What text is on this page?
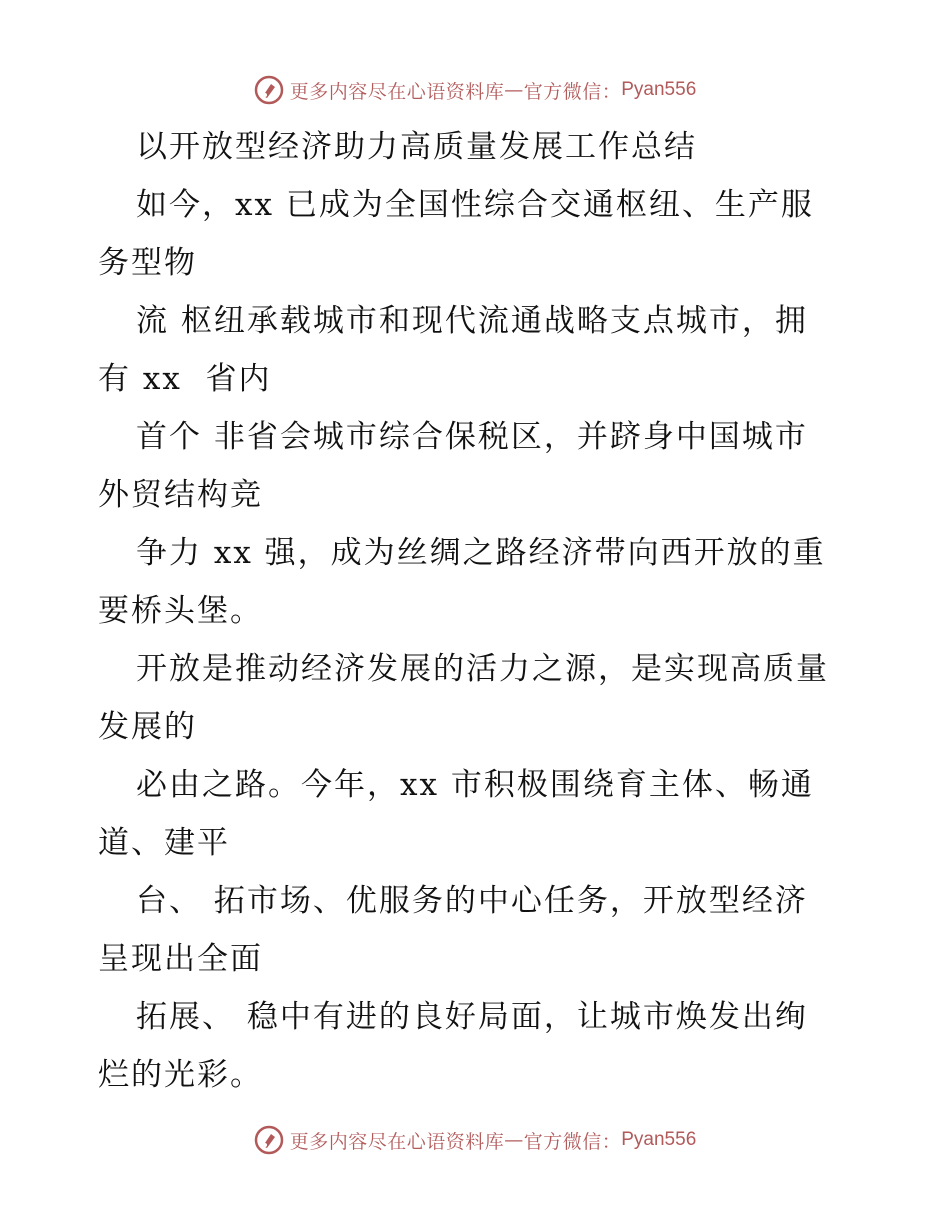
更多内容尽在心语资料库 — 官方微信： Pyan556
以开放型经济助力高质量发展工作总结
如今，xx 已成为全国性综合交通枢纽、生产服
务型物
流 枢纽承载城市和现代流通战略支点城市，拥
有 xx  省内
首个 非省会城市综合保税区，并跻身中国城市
外贸结构竞
争力 xx 强，成为丝绸之路经济带向西开放的重
要桥头堡。
开放是推动经济发展的活力之源，是实现高质量
发展的
必由之路。今年，xx 市积极围绕育主体、畅通
道、建平
台、 拓市场、优服务的中心任务，开放型经济
呈现出全面
拓展、 稳中有进的良好局面，让城市焕发出绚
烂的光彩。
更多内容尽在心语资料库 — 官方微信： Pyan556
